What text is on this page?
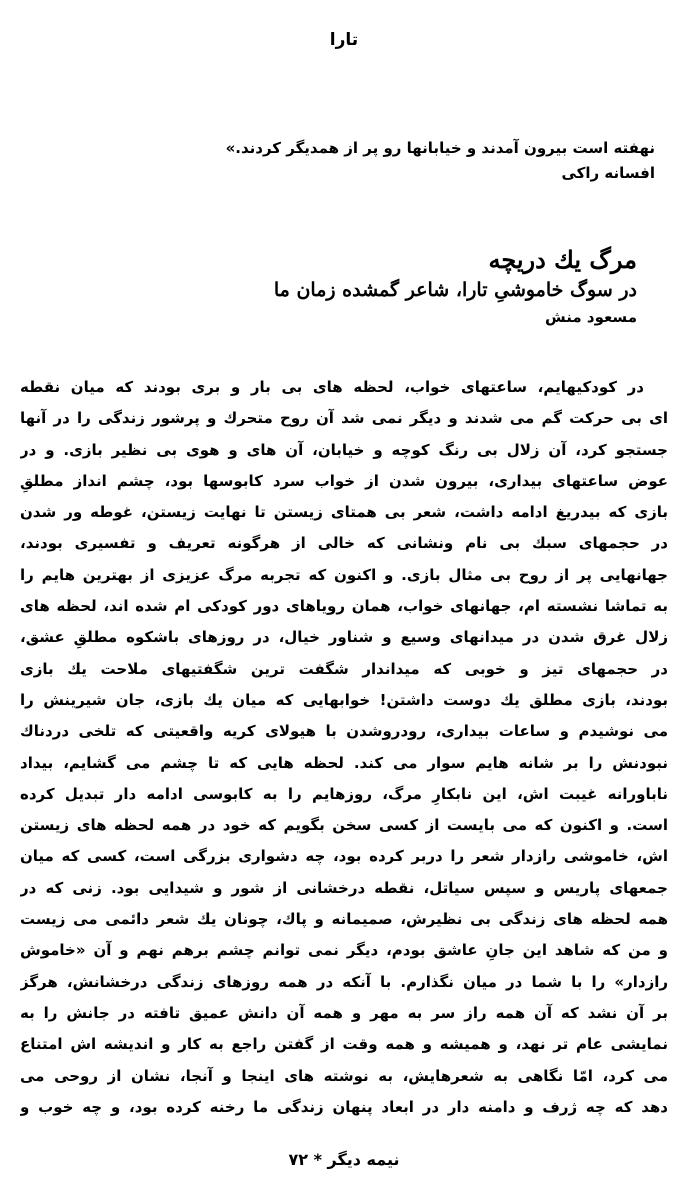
تارا
نهفته است بیرون آمدند و خیابانها رو پر از همدیگر کردند.»
افسانه راکی
مرگ یك دریچه
در سوگ خاموشیِ تارا، شاعر گمشده زمان ما
مسعود منش
در کودکیهایم، ساعتهای خواب، لحظه های بی بار و بری بودند که میان نقطه
ای بی حرکت گم می شدند و دیگر نمی شد آن روح متحرك و پرشور زندگی را در آنها
جستجو کرد، آن زلال بی رنگ کوچه و خیابان، آن های و هوی بی نظیر بازی. و در
عوض ساعتهای بیداری، بیرون شدن از خواب سرد کابوسها بود، چشم انداز مطلقِ
بازی که بیدریغ ادامه داشت، شعر بی همتای زیستن تا نهایت زیستن، غوطه ور شدن
در حجمهای سبك بی نام ونشانی که خالی از هرگونه تعریف و تفسیری بودند،
جهانهایی پر از روح بی مثال بازی. و اکنون که تجربه مرگ عزیزی از بهترین هایم را
به تماشا نشسته ام، جهانهای خواب، همان رویاهای دور کودکی ام شده اند، لحظه های
زلال غرق شدن در میدانهای وسیع و شناور خیال، در روزهای باشکوه مطلقِ عشق،
در حجمهای تیز و خوبی که میداندار شگفت ترین شگفتیهای ملاحت یك بازی
بودند، بازی مطلق یك دوست داشتن! خوابهایی که میان یك بازی، جان شیرینش را
می نوشیدم و ساعات بیداری، رودروشدن با هیولای کریه واقعیتی که تلخی دردناك
نبودنش را بر شانه هایم سوار می کند. لحظه هایی که تا چشم می گشایم، بیداد
ناباورانه غیبت اش، این نابکارِ مرگ، روزهایم را به کابوسی ادامه دار تبدیل کرده
است. و اکنون که می بایست از کسی سخن بگویم که خود در همه لحظه های زیستن
اش، خاموشی رازدار شعر را دربر کرده بود، چه دشواری بزرگی است، کسی که میان
جمعهای پاریس و سپس سیاتل، نقطه درخشانی از شور و شیدایی بود. زنی که در
همه لحظه های زندگی بی نظیرش، صمیمانه و پاك، چونان یك شعر دائمی می زیست
و من که شاهد این جانِ عاشق بودم، دیگر نمی توانم چشم برهم نهم و آن «خاموش
رازدار» را با شما در میان نگذارم. با آنکه در همه روزهای زندگی درخشانش، هرگز
بر آن نشد که آن همه راز سر به مهر و همه آن دانش عمیق تافته در جانش را به
نمایشی عام تر نهد، و همیشه و همه وقت از گفتن راجع به کار و اندیشه اش امتناع
می کرد، امّا نگاهی به شعرهایش، به نوشته های اینجا و آنجا، نشان از روحی می
دهد که چه ژرف و دامنه دار در ابعاد پنهان زندگی ما رخنه کرده بود، و چه خوب و
نیمه دیگر * ۷۲
